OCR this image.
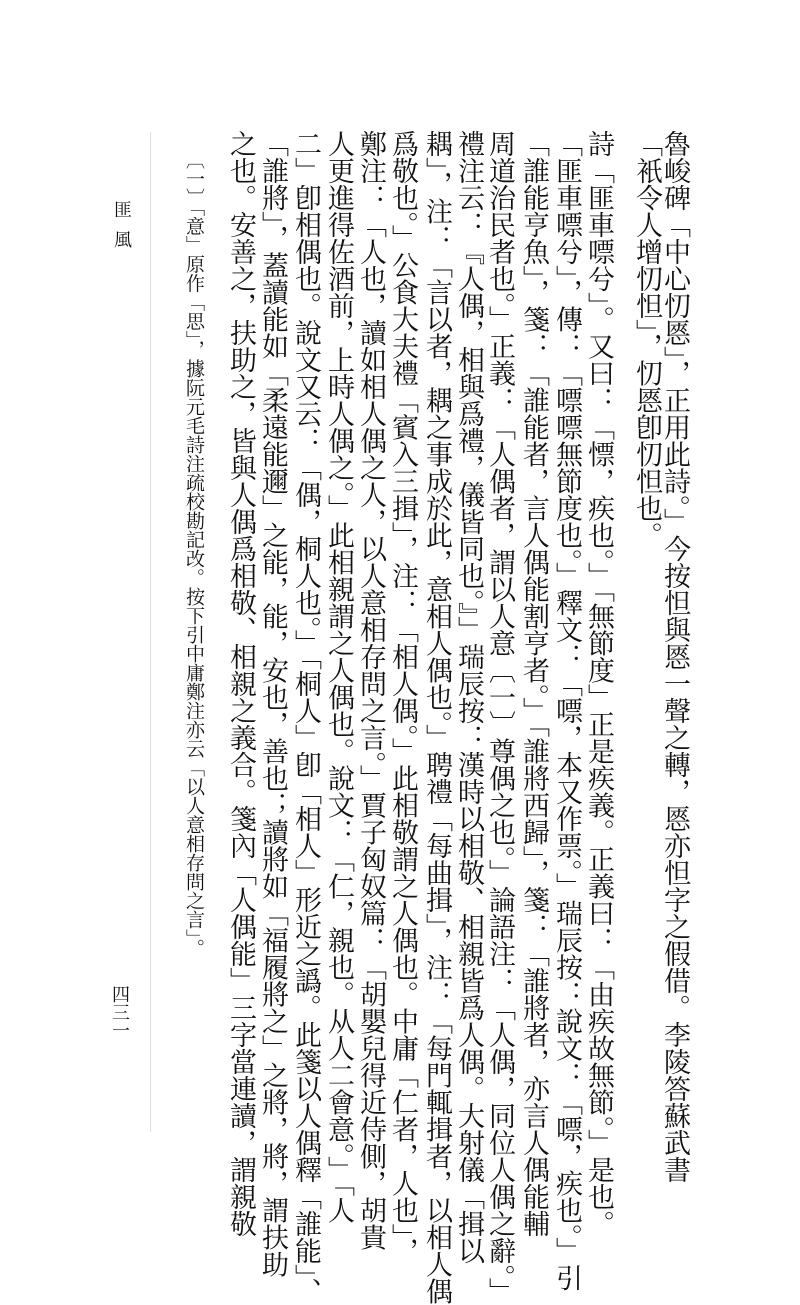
魯峻碑「中心忉㥦」，正用此詩。」今按怛與㥦一聲之轉，㥦亦怛字之假借。李陵答蘇武書
「衹令人增忉怛」，忉㥦卽忉怛也。
詩「匪車嘌兮」。又曰：「慓，疾也。」「無節度」正是疾義。正義曰：「由疾故無節。」是也。
「匪車嘌兮」，傳：「嘌嘌無節度也。」釋文：「嘌，本又作票。」瑞辰按：說文：「嘌，疾也。」引
「誰能亨魚」，箋：「誰能者，言人偶能割亨者。」「誰將西歸」，箋：「誰將者，亦言人偶能輔
周道治民者也。」正義：「人偶者，謂以人意〔一〕尊偶之也。」論語注：「人偶，同位人偶之辭。」
禮注云：『人偶，相與爲禮，儀皆同也。』」瑞辰按：漢時以相敬、相親皆爲人偶。大射儀「揖以
耦」，注：「言以者，耦之事成於此，意相人偶也。」聘禮「每曲揖」，注：「每門輒揖者，以相人偶
爲敬也。」公食大夫禮「賓入三揖」，注：「相人偶。」此相敬謂之人偶也。中庸「仁者，人也」，
鄭注：「人也，讀如相人偶之人，以人意相存問之言。」賈子匈奴篇：「胡嬰兒得近侍側，胡貴
人更進得佐酒前，上時人偶之。」此相親謂之人偶也。說文：「仁，親也。从人二會意。」「人
二」卽相偶也。說文又云：「偶，桐人也。」「桐人」卽「相人」形近之譌。此箋以人偶釋「誰能」、
「誰將」，蓋讀能如「柔遠能邇」之能，能，安也，善也；讀將如「福履將之」之將，將，謂扶助
之也。安善之，扶助之，皆與人偶爲相敬、相親之義合。箋內「人偶能」三字當連讀，謂親敬
〔一〕「意」原作「思」，據阮元毛詩注疏校勘記改。按下引中庸鄭注亦云「以人意相存問之言」。
匪風
四三一
